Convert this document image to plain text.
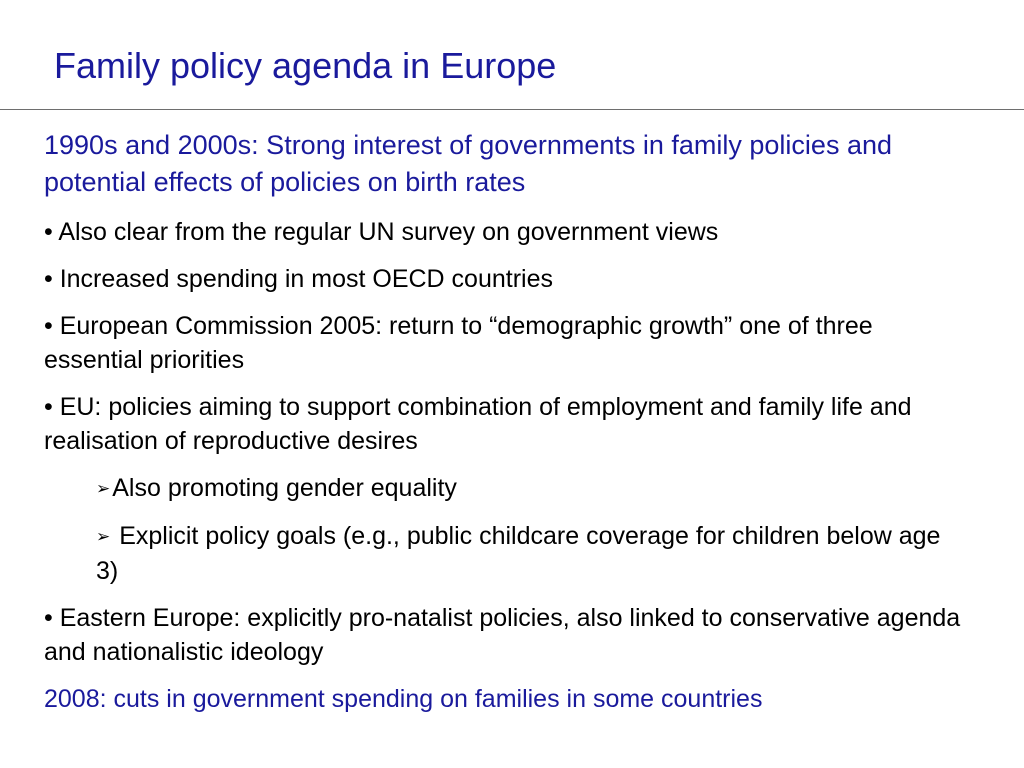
Family policy agenda in Europe

1990s and 2000s: Strong interest of governments in family policies and potential effects of policies on birth rates

• Also clear from the regular UN survey on government views

• Increased spending in most OECD countries

• European Commission 2005: return to “demographic growth” one of three essential priorities

• EU: policies aiming to support combination of employment and family life and realisation of reproductive desires

➢Also promoting gender equality

➢ Explicit policy goals (e.g., public childcare coverage for children below age 3)

• Eastern Europe: explicitly pro-natalist policies, also linked to conservative agenda and nationalistic ideology

2008: cuts in government spending on families in some countries
